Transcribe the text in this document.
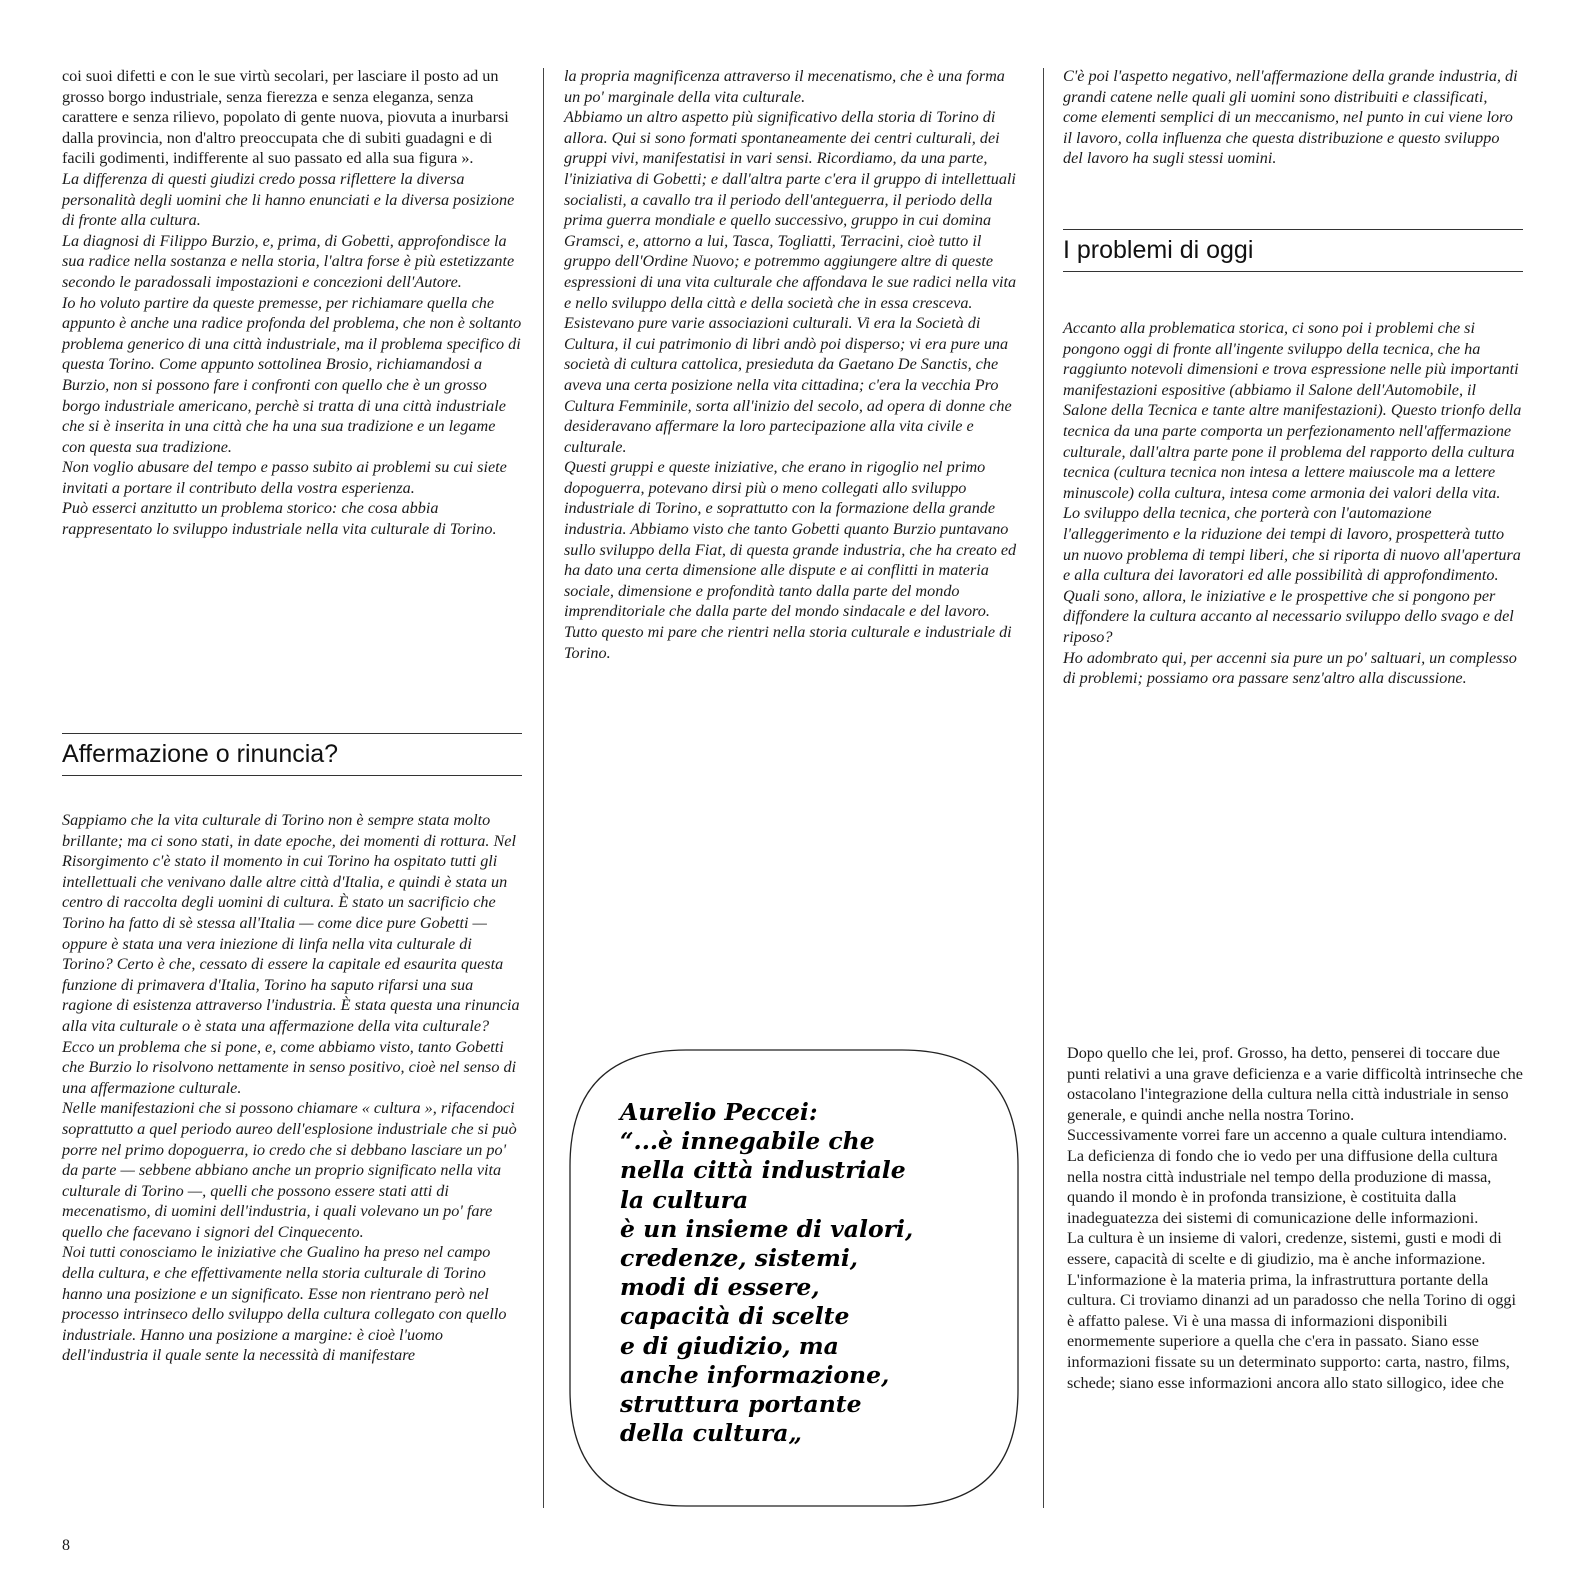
coi suoi difetti e con le sue virtù secolari, per lasciare il posto ad un grosso borgo industriale, senza fierezza e senza eleganza, senza carattere e senza rilievo, popolato di gente nuova, piovuta a inurbarsi dalla provincia, non d'altro preoccupata che di subiti guadagni e di facili godimenti, indifferente al suo passato ed alla sua figura ».

La differenza di questi giudizi credo possa riflettere la diversa personalità degli uomini che li hanno enunciati e la diversa posizione di fronte alla cultura.

La diagnosi di Filippo Burzio, e, prima, di Gobetti, approfondisce la sua radice nella sostanza e nella storia, l'altra forse è più estetizzante secondo le paradossali impostazioni e concezioni dell'Autore.

Io ho voluto partire da queste premesse, per richiamare quella che appunto è anche una radice profonda del problema, che non è soltanto problema generico di una città industriale, ma il problema specifico di questa Torino. Come appunto sottolinea Brosio, richiamandosi a Burzio, non si possono fare i confronti con quello che è un grosso borgo industriale americano, perchè si tratta di una città industriale che si è inserita in una città che ha una sua tradizione e un legame con questa sua tradizione.

Non voglio abusare del tempo e passo subito ai problemi su cui siete invitati a portare il contributo della vostra esperienza.

Può esserci anzitutto un problema storico: che cosa abbia rappresentato lo sviluppo industriale nella vita culturale di Torino.

Affermazione o rinuncia?

Sappiamo che la vita culturale di Torino non è sempre stata molto brillante; ma ci sono stati, in date epoche, dei momenti di rottura. Nel Risorgimento c'è stato il momento in cui Torino ha ospitato tutti gli intellettuali che venivano dalle altre città d'Italia, e quindi è stata un centro di raccolta degli uomini di cultura. È stato un sacrificio che Torino ha fatto di sè stessa all'Italia — come dice pure Gobetti — oppure è stata una vera iniezione di linfa nella vita culturale di Torino? Certo è che, cessato di essere la capitale ed esaurita questa funzione di primavera d'Italia, Torino ha saputo rifarsi una sua ragione di esistenza attraverso l'industria. È stata questa una rinuncia alla vita culturale o è stata una affermazione della vita culturale? Ecco un problema che si pone, e, come abbiamo visto, tanto Gobetti che Burzio lo risolvono nettamente in senso positivo, cioè nel senso di una affermazione culturale.

Nelle manifestazioni che si possono chiamare « cultura », rifacendoci soprattutto a quel periodo aureo dell'esplosione industriale che si può porre nel primo dopoguerra, io credo che si debbano lasciare un po' da parte — sebbene abbiano anche un proprio significato nella vita culturale di Torino —, quelli che possono essere stati atti di mecenatismo, di uomini dell'industria, i quali volevano un po' fare quello che facevano i signori del Cinquecento.

Noi tutti conosciamo le iniziative che Gualino ha preso nel campo della cultura, e che effettivamente nella storia culturale di Torino hanno una posizione e un significato. Esse non rientrano però nel processo intrinseco dello sviluppo della cultura collegato con quello industriale. Hanno una posizione a margine: è cioè l'uomo dell'industria il quale sente la necessità di manifestare

la propria magnificenza attraverso il mecenatismo, che è una forma un po' marginale della vita culturale.

Abbiamo un altro aspetto più significativo della storia di Torino di allora. Qui si sono formati spontaneamente dei centri culturali, dei gruppi vivi, manifestatisi in vari sensi. Ricordiamo, da una parte, l'iniziativa di Gobetti; e dall'altra parte c'era il gruppo di intellettuali socialisti, a cavallo tra il periodo dell'anteguerra, il periodo della prima guerra mondiale e quello successivo, gruppo in cui domina Gramsci, e, attorno a lui, Tasca, Togliatti, Terracini, cioè tutto il gruppo dell'Ordine Nuovo; e potremmo aggiungere altre di queste espressioni di una vita culturale che affondava le sue radici nella vita e nello sviluppo della città e della società che in essa cresceva.

Esistevano pure varie associazioni culturali. Vi era la Società di Cultura, il cui patrimonio di libri andò poi disperso; vi era pure una società di cultura cattolica, presieduta da Gaetano De Sanctis, che aveva una certa posizione nella vita cittadina; c'era la vecchia Pro Cultura Femminile, sorta all'inizio del secolo, ad opera di donne che desideravano affermare la loro partecipazione alla vita civile e culturale.

Questi gruppi e queste iniziative, che erano in rigoglio nel primo dopoguerra, potevano dirsi più o meno collegati allo sviluppo industriale di Torino, e soprattutto con la formazione della grande industria. Abbiamo visto che tanto Gobetti quanto Burzio puntavano sullo sviluppo della Fiat, di questa grande industria, che ha creato ed ha dato una certa dimensione alle dispute e ai conflitti in materia sociale, dimensione e profondità tanto dalla parte del mondo imprenditoriale che dalla parte del mondo sindacale e del lavoro.

Tutto questo mi pare che rientri nella storia culturale e industriale di Torino.

Aurelio Peccei:

“...è innegabile che

nella città industriale

la cultura

è un insieme di valori,

credenze, sistemi,

modi di essere,

capacità di scelte

e di giudizio, ma

anche informazione,

struttura portante

della cultura„

C'è poi l'aspetto negativo, nell'affermazione della grande industria, di grandi catene nelle quali gli uomini sono distribuiti e classificati, come elementi semplici di un meccanismo, nel punto in cui viene loro il lavoro, colla influenza che questa distribuzione e questo sviluppo del lavoro ha sugli stessi uomini.

I problemi di oggi

Accanto alla problematica storica, ci sono poi i problemi che si pongono oggi di fronte all'ingente sviluppo della tecnica, che ha raggiunto notevoli dimensioni e trova espressione nelle più importanti manifestazioni espositive (abbiamo il Salone dell'Automobile, il Salone della Tecnica e tante altre manifestazioni). Questo trionfo della tecnica da una parte comporta un perfezionamento nell'affermazione culturale, dall'altra parte pone il problema del rapporto della cultura tecnica (cultura tecnica non intesa a lettere maiuscole ma a lettere minuscole) colla cultura, intesa come armonia dei valori della vita.

Lo sviluppo della tecnica, che porterà con l'automazione l'alleggerimento e la riduzione dei tempi di lavoro, prospetterà tutto un nuovo problema di tempi liberi, che si riporta di nuovo all'apertura e alla cultura dei lavoratori ed alle possibilità di approfondimento. Quali sono, allora, le iniziative e le prospettive che si pongono per diffondere la cultura accanto al necessario sviluppo dello svago e del riposo?

Ho adombrato qui, per accenni sia pure un po' saltuari, un complesso di problemi; possiamo ora passare senz'altro alla discussione.

Dopo quello che lei, prof. Grosso, ha detto, penserei di toccare due punti relativi a una grave deficienza e a varie difficoltà intrinseche che ostacolano l'integrazione della cultura nella città industriale in senso generale, e quindi anche nella nostra Torino.

Successivamente vorrei fare un accenno a quale cultura intendiamo.

La deficienza di fondo che io vedo per una diffusione della cultura nella nostra città industriale nel tempo della produzione di massa, quando il mondo è in profonda transizione, è costituita dalla inadeguatezza dei sistemi di comunicazione delle informazioni.

La cultura è un insieme di valori, credenze, sistemi, gusti e modi di essere, capacità di scelte e di giudizio, ma è anche informazione. L'informazione è la materia prima, la infrastruttura portante della cultura. Ci troviamo dinanzi ad un paradosso che nella Torino di oggi è affatto palese. Vi è una massa di informazioni disponibili enormemente superiore a quella che c'era in passato. Siano esse informazioni fissate su un determinato supporto: carta, nastro, films, schede; siano esse informazioni ancora allo stato sillogico, idee che

8
